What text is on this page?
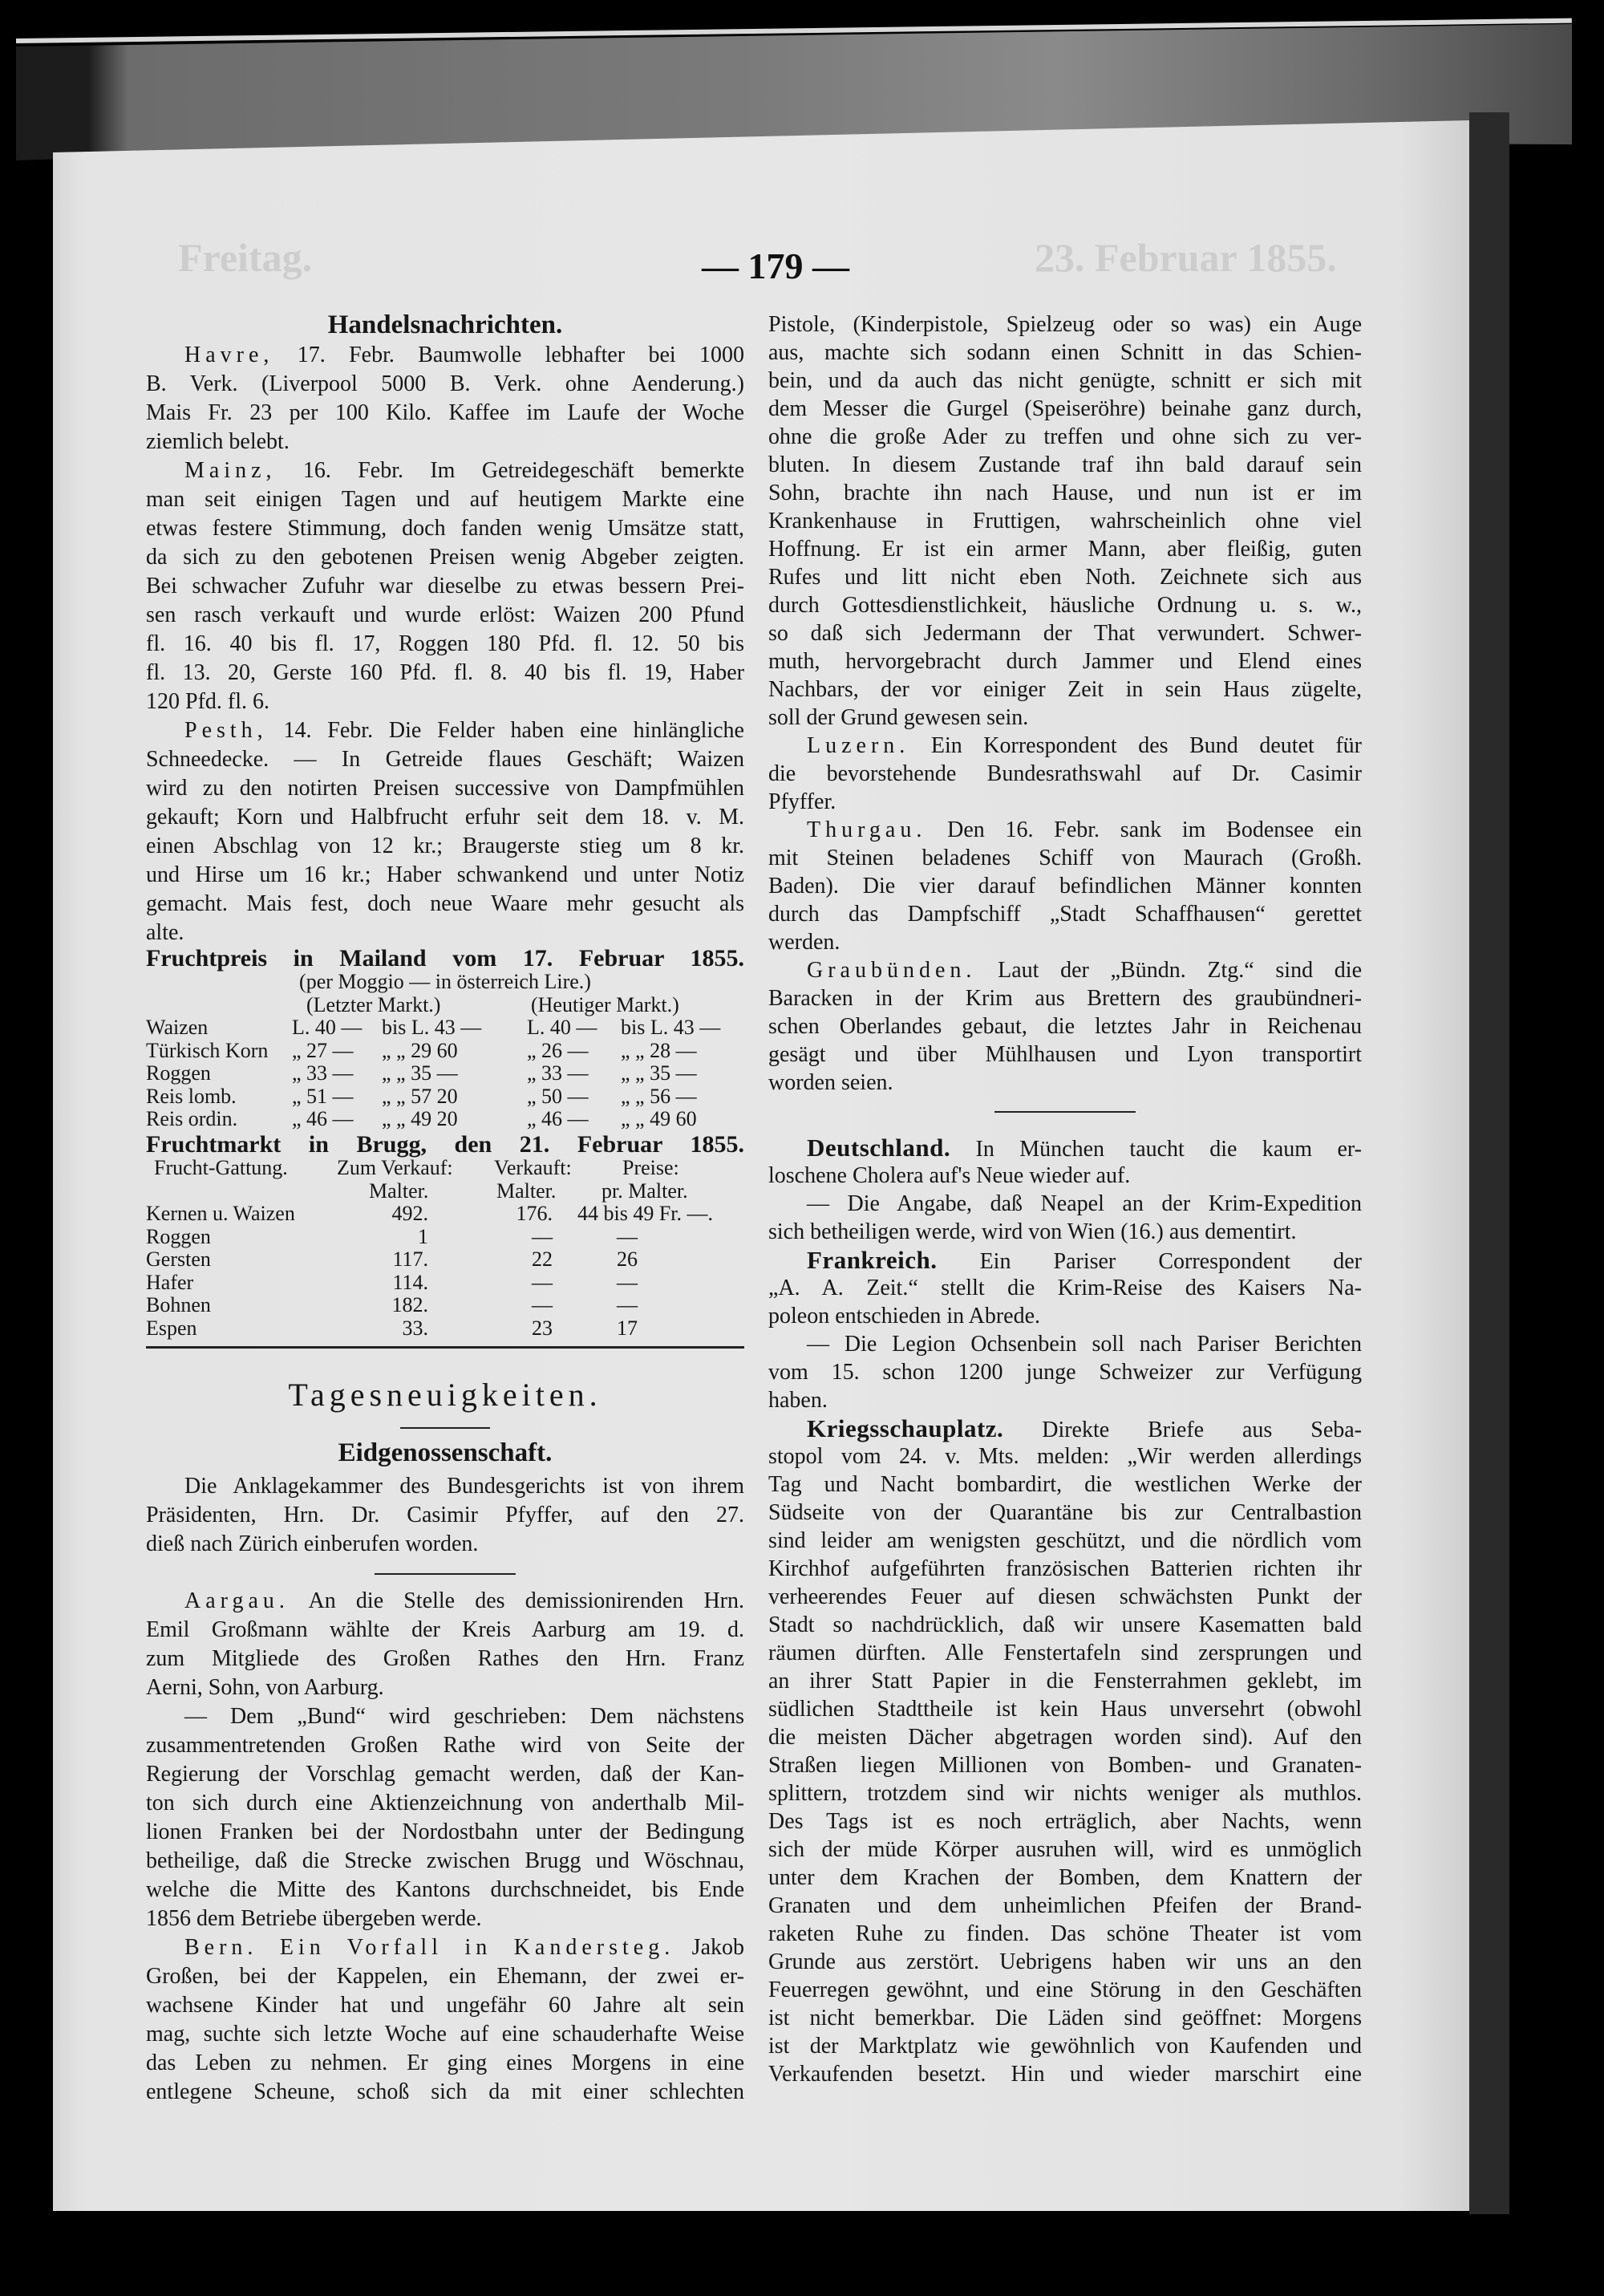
Freitag.	23. Februar 1855.
— 179 —
Handelsnachrichten.
Havre, 17. Febr. Baumwolle lebhafter bei 1000
B. Verk. (Liverpool 5000 B. Verk. ohne Aenderung.)
Mais Fr. 23 per 100 Kilo. Kaffee im Laufe der Woche
ziemlich belebt.
Mainz, 16. Febr. Im Getreidegeschäft bemerkte
man seit einigen Tagen und auf heutigem Markte eine
etwas festere Stimmung, doch fanden wenig Umsätze statt,
da sich zu den gebotenen Preisen wenig Abgeber zeigten.
Bei schwacher Zufuhr war dieselbe zu etwas bessern Prei-
sen rasch verkauft und wurde erlöst: Waizen 200 Pfund
fl. 16. 40 bis fl. 17, Roggen 180 Pfd. fl. 12. 50 bis
fl. 13. 20, Gerste 160 Pfd. fl. 8. 40 bis fl. 19, Haber
120 Pfd. fl. 6.
Pesth, 14. Febr. Die Felder haben eine hinlängliche
Schneedecke. — In Getreide flaues Geschäft; Waizen
wird zu den notirten Preisen successive von Dampfmühlen
gekauft; Korn und Halbfrucht erfuhr seit dem 18. v. M.
einen Abschlag von 12 kr.; Braugerste stieg um 8 kr.
und Hirse um 16 kr.; Haber schwankend und unter Notiz
gemacht. Mais fest, doch neue Waare mehr gesucht als
alte.
Fruchtpreis in Mailand vom 17. Februar 1855.
(per Moggio — in österreich Lire.)
(Letzter Markt.)	(Heutiger Markt.)
Waizen	L. 40 — bis L. 43 — L. 40 — bis L. 43 —
Türkisch Korn „ 27 — „ „ 29 60	„ 26 — „ „ 28 —
Roggen	„ 33 — „ „ 35 —	„ 33 — „ „ 35 —
Reis lomb.	„ 51 — „ „ 57 20	„ 50 — „ „ 56 —
Reis ordin.	„ 46 — „ „ 49 20	„ 46 — „ „ 49 60
Fruchtmarkt in Brugg, den 21. Februar 1855.
Frucht-Gattung. Zum Verkauf: Verkauft: Preise:
Malter.	Malter. pr. Malter.
Kernen u. Waizen	492.	176. 44 bis 49 Fr. —.
Roggen	1	—	—
Gersten	117.	22	26
Hafer	114.	—	—
Bohnen	182.	—	—
Espen	33.	23	17
Tagesneuigkeiten.
Eidgenossenschaft.
Die Anklagekammer des Bundesgerichts ist von ihrem
Präsidenten, Hrn. Dr. Casimir Pfyffer, auf den 27.
dieß nach Zürich einberufen worden.
Aargau. An die Stelle des demissionirenden Hrn.
Emil Großmann wählte der Kreis Aarburg am 19. d.
zum Mitgliede des Großen Rathes den Hrn. Franz
Aerni, Sohn, von Aarburg.
— Dem „Bund“ wird geschrieben: Dem nächstens
zusammentretenden Großen Rathe wird von Seite der
Regierung der Vorschlag gemacht werden, daß der Kan-
ton sich durch eine Aktienzeichnung von anderthalb Mil-
lionen Franken bei der Nordostbahn unter der Bedingung
betheilige, daß die Strecke zwischen Brugg und Wöschnau,
welche die Mitte des Kantons durchschneidet, bis Ende
1856 dem Betriebe übergeben werde.
Bern. Ein Vorfall in Kandersteg. Jakob
Großen, bei der Kappelen, ein Ehemann, der zwei er-
wachsene Kinder hat und ungefähr 60 Jahre alt sein
mag, suchte sich letzte Woche auf eine schauderhafte Weise
das Leben zu nehmen. Er ging eines Morgens in eine
entlegene Scheune, schoß sich da mit einer schlechten
Pistole, (Kinderpistole, Spielzeug oder so was) ein Auge
aus, machte sich sodann einen Schnitt in das Schien-
bein, und da auch das nicht genügte, schnitt er sich mit
dem Messer die Gurgel (Speiseröhre) beinahe ganz durch,
ohne die große Ader zu treffen und ohne sich zu ver-
bluten. In diesem Zustande traf ihn bald darauf sein
Sohn, brachte ihn nach Hause, und nun ist er im
Krankenhause in Fruttigen, wahrscheinlich ohne viel
Hoffnung. Er ist ein armer Mann, aber fleißig, guten
Rufes und litt nicht eben Noth. Zeichnete sich aus
durch Gottesdienstlichkeit, häusliche Ordnung u. s. w.,
so daß sich Jedermann der That verwundert. Schwer-
muth, hervorgebracht durch Jammer und Elend eines
Nachbars, der vor einiger Zeit in sein Haus zügelte,
soll der Grund gewesen sein.
Luzern. Ein Korrespondent des Bund deutet für
die bevorstehende Bundesrathswahl auf Dr. Casimir
Pfyffer.
Thurgau. Den 16. Febr. sank im Bodensee ein
mit Steinen beladenes Schiff von Maurach (Großh.
Baden). Die vier darauf befindlichen Männer konnten
durch das Dampfschiff „Stadt Schaffhausen“ gerettet
werden.
Graubünden. Laut der „Bündn. Ztg.“ sind die
Baracken in der Krim aus Brettern des graubündneri-
schen Oberlandes gebaut, die letztes Jahr in Reichenau
gesägt und über Mühlhausen und Lyon transportirt
worden seien.
Deutschland. In München taucht die kaum er-
loschene Cholera auf's Neue wieder auf.
— Die Angabe, daß Neapel an der Krim-Expedition
sich betheiligen werde, wird von Wien (16.) aus dementirt.
Frankreich. Ein Pariser Correspondent der
„A. A. Zeit.“ stellt die Krim-Reise des Kaisers Na-
poleon entschieden in Abrede.
— Die Legion Ochsenbein soll nach Pariser Berichten
vom 15. schon 1200 junge Schweizer zur Verfügung
haben.
Kriegsschauplatz. Direkte Briefe aus Seba-
stopol vom 24. v. Mts. melden: „Wir werden allerdings
Tag und Nacht bombardirt, die westlichen Werke der
Südseite von der Quarantäne bis zur Centralbastion
sind leider am wenigsten geschützt, und die nördlich vom
Kirchhof aufgeführten französischen Batterien richten ihr
verheerendes Feuer auf diesen schwächsten Punkt der
Stadt so nachdrücklich, daß wir unsere Kasematten bald
räumen dürften. Alle Fenstertafeln sind zersprungen und
an ihrer Statt Papier in die Fensterrahmen geklebt, im
südlichen Stadttheile ist kein Haus unversehrt (obwohl
die meisten Dächer abgetragen worden sind). Auf den
Straßen liegen Millionen von Bomben- und Granaten-
splittern, trotzdem sind wir nichts weniger als muthlos.
Des Tags ist es noch erträglich, aber Nachts, wenn
sich der müde Körper ausruhen will, wird es unmöglich
unter dem Krachen der Bomben, dem Knattern der
Granaten und dem unheimlichen Pfeifen der Brand-
raketen Ruhe zu finden. Das schöne Theater ist vom
Grunde aus zerstört. Uebrigens haben wir uns an den
Feuerregen gewöhnt, und eine Störung in den Geschäften
ist nicht bemerkbar. Die Läden sind geöffnet: Morgens
ist der Marktplatz wie gewöhnlich von Kaufenden und
Verkaufenden besetzt. Hin und wieder marschirt eine
